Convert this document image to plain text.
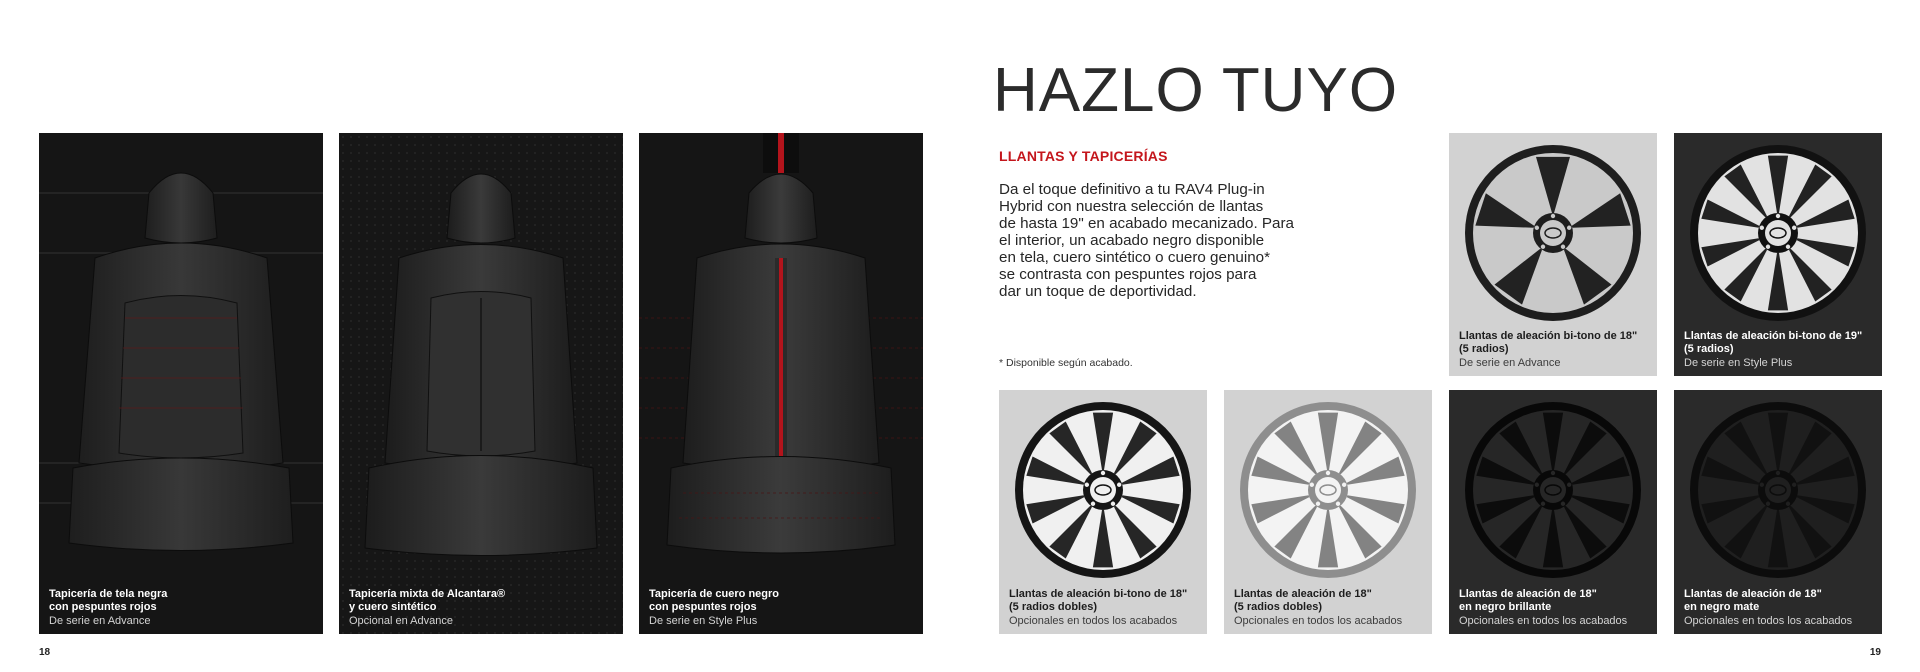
Tapicería de tela negra
con pespuntes rojos
De serie en Advance
Tapicería mixta de Alcantara®
y cuero sintético
Opcional en Advance
Tapicería de cuero negro
con pespuntes rojos
De serie en Style Plus
18
HAZLO TUYO
LLANTAS Y TAPICERÍAS
Da el toque definitivo a tu RAV4 Plug-in
Hybrid con nuestra selección de llantas
de hasta 19" en acabado mecanizado. Para
el interior, un acabado negro disponible
en tela, cuero sintético o cuero genuino*
se contrasta con pespuntes rojos para
dar un toque de deportividad.
* Disponible según acabado.
Llantas de aleación bi-tono de 18"
(5 radios)
De serie en Advance
Llantas de aleación bi-tono de 19"
(5 radios)
De serie en Style Plus
Llantas de aleación bi-tono de 18"
(5 radios dobles)
Opcionales en todos los acabados
Llantas de aleación de 18"
(5 radios dobles)
Opcionales en todos los acabados
Llantas de aleación de 18"
en negro brillante
Opcionales en todos los acabados
Llantas de aleación de 18"
en negro mate
Opcionales en todos los acabados
19
